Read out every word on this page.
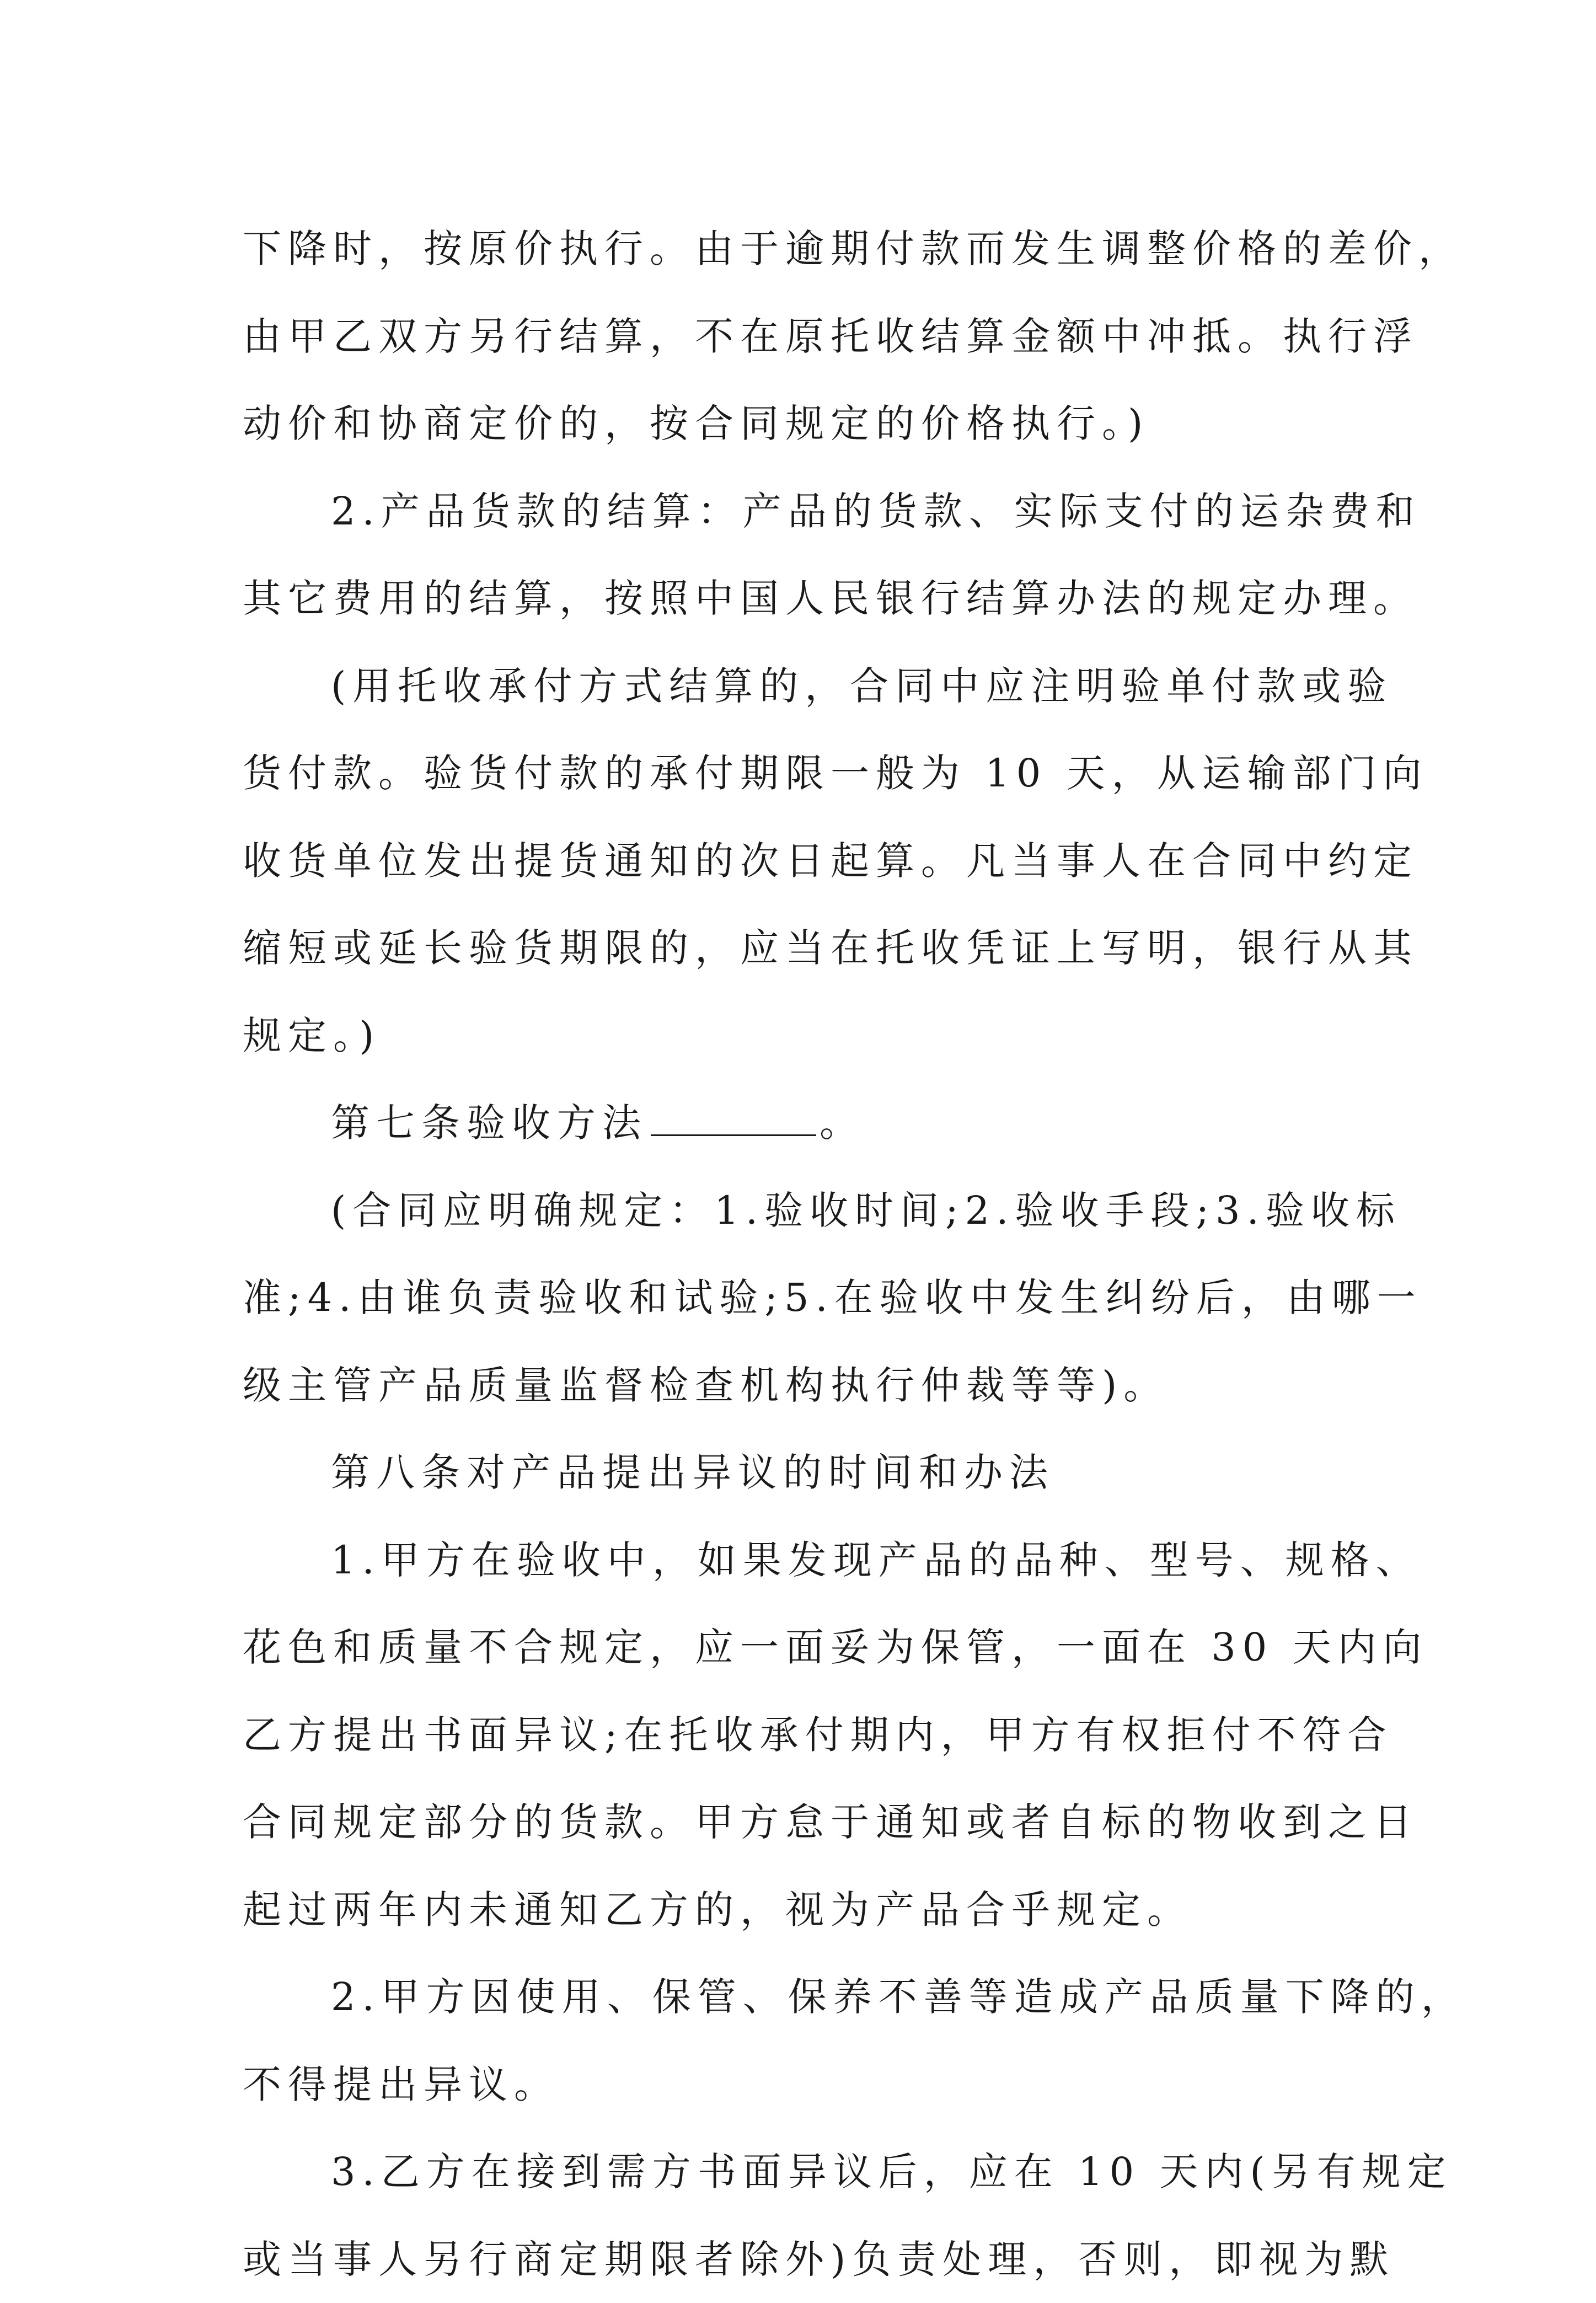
下降时，按原价执行。由于逾期付款而发生调整价格的差价，
由甲乙双方另行结算，不在原托收结算金额中冲抵。执行浮
动价和协商定价的，按合同规定的价格执行。)
2.产品货款的结算：产品的货款、实际支付的运杂费和
其它费用的结算，按照中国人民银行结算办法的规定办理。
(用托收承付方式结算的，合同中应注明验单付款或验
货付款。验货付款的承付期限一般为 10 天，从运输部门向
收货单位发出提货通知的次日起算。凡当事人在合同中约定
缩短或延长验货期限的，应当在托收凭证上写明，银行从其
规定。)
第七条验收方法	。
(合同应明确规定：1.验收时间;2.验收手段;3.验收标
准;4.由谁负责验收和试验;5.在验收中发生纠纷后，由哪一
级主管产品质量监督检查机构执行仲裁等等)。
第八条对产品提出异议的时间和办法
1.甲方在验收中，如果发现产品的品种、型号、规格、
花色和质量不合规定，应一面妥为保管，一面在 30 天内向
乙方提出书面异议;在托收承付期内，甲方有权拒付不符合
合同规定部分的货款。甲方怠于通知或者自标的物收到之日
起过两年内未通知乙方的，视为产品合乎规定。
2.甲方因使用、保管、保养不善等造成产品质量下降的，
不得提出异议。
3.乙方在接到需方书面异议后，应在 10 天内(另有规定
或当事人另行商定期限者除外)负责处理，否则，即视为默
